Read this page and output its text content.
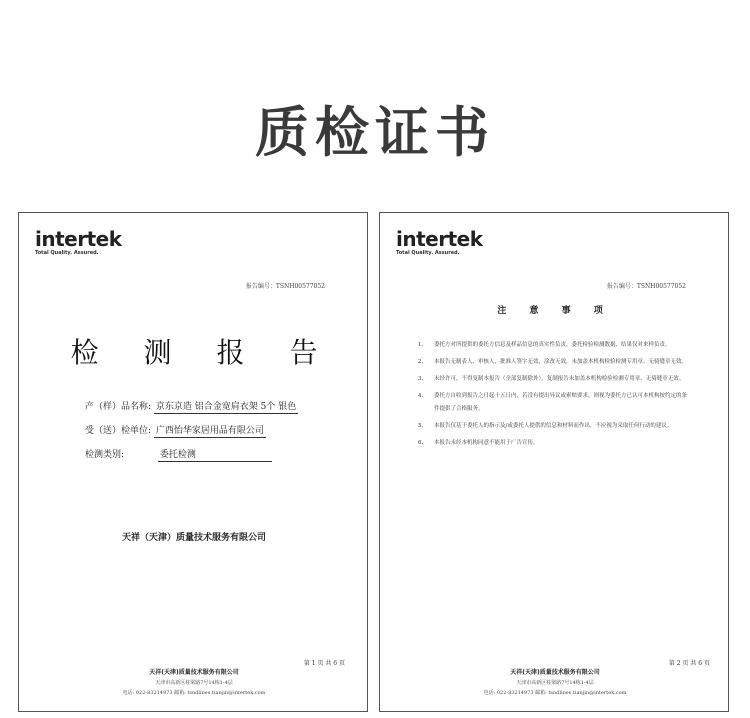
质检证书
intertek
Total Quality. Assured.
报告编号：TSNH00577052
检 测 报 告
产（样）品名称: 京东京造 铝合金宽肩衣架 5个 银色
受（送）检单位: 广西怡华家居用品有限公司
检测类别:	委托检测
天祥（天津）质量技术服务有限公司
第 1 页 共 6 页
天祥(天津)质量技术服务有限公司
天津市高新区柱梁路7号14栋1-4层
电话: 022-83214973 邮箱: tsndlines.tianjin@intertek.com
intertek
Total Quality. Assured.
报告编号：TSNH00577052
注 意 事 项
1、 委托方对所提供的委托方信息及样品信息的真实性负责，委托检验检测数据、结果仅对来样负责。
2、 本报告无制表人、审核人、批准人签字无效，涂改无效，未加盖本机构检验检测专用章、无骑缝章无效。
3、 未经许可，不得复制本报告（全部复制除外），复制报告未加盖本机构检验检测专用章、无骑缝章无效。
4、 委托方自收到报告之日起十五日内，若没有提出异议或索赔要求，则视为委托方已认可本机构按约定的条件提供了合格服务。
5、 本报告仅基于委托人的指示及/或委托人提供的信息和材料而作出，不应视为采取任何行动的建议。
6、 本报告未经本机构同意不能用于广告宣传。
第 2 页 共 6 页
天祥(天津)质量技术服务有限公司
天津市高新区柱梁路7号14栋1-4层
电话: 022-83214973 邮箱: tsndlines.tianjin@intertek.com
